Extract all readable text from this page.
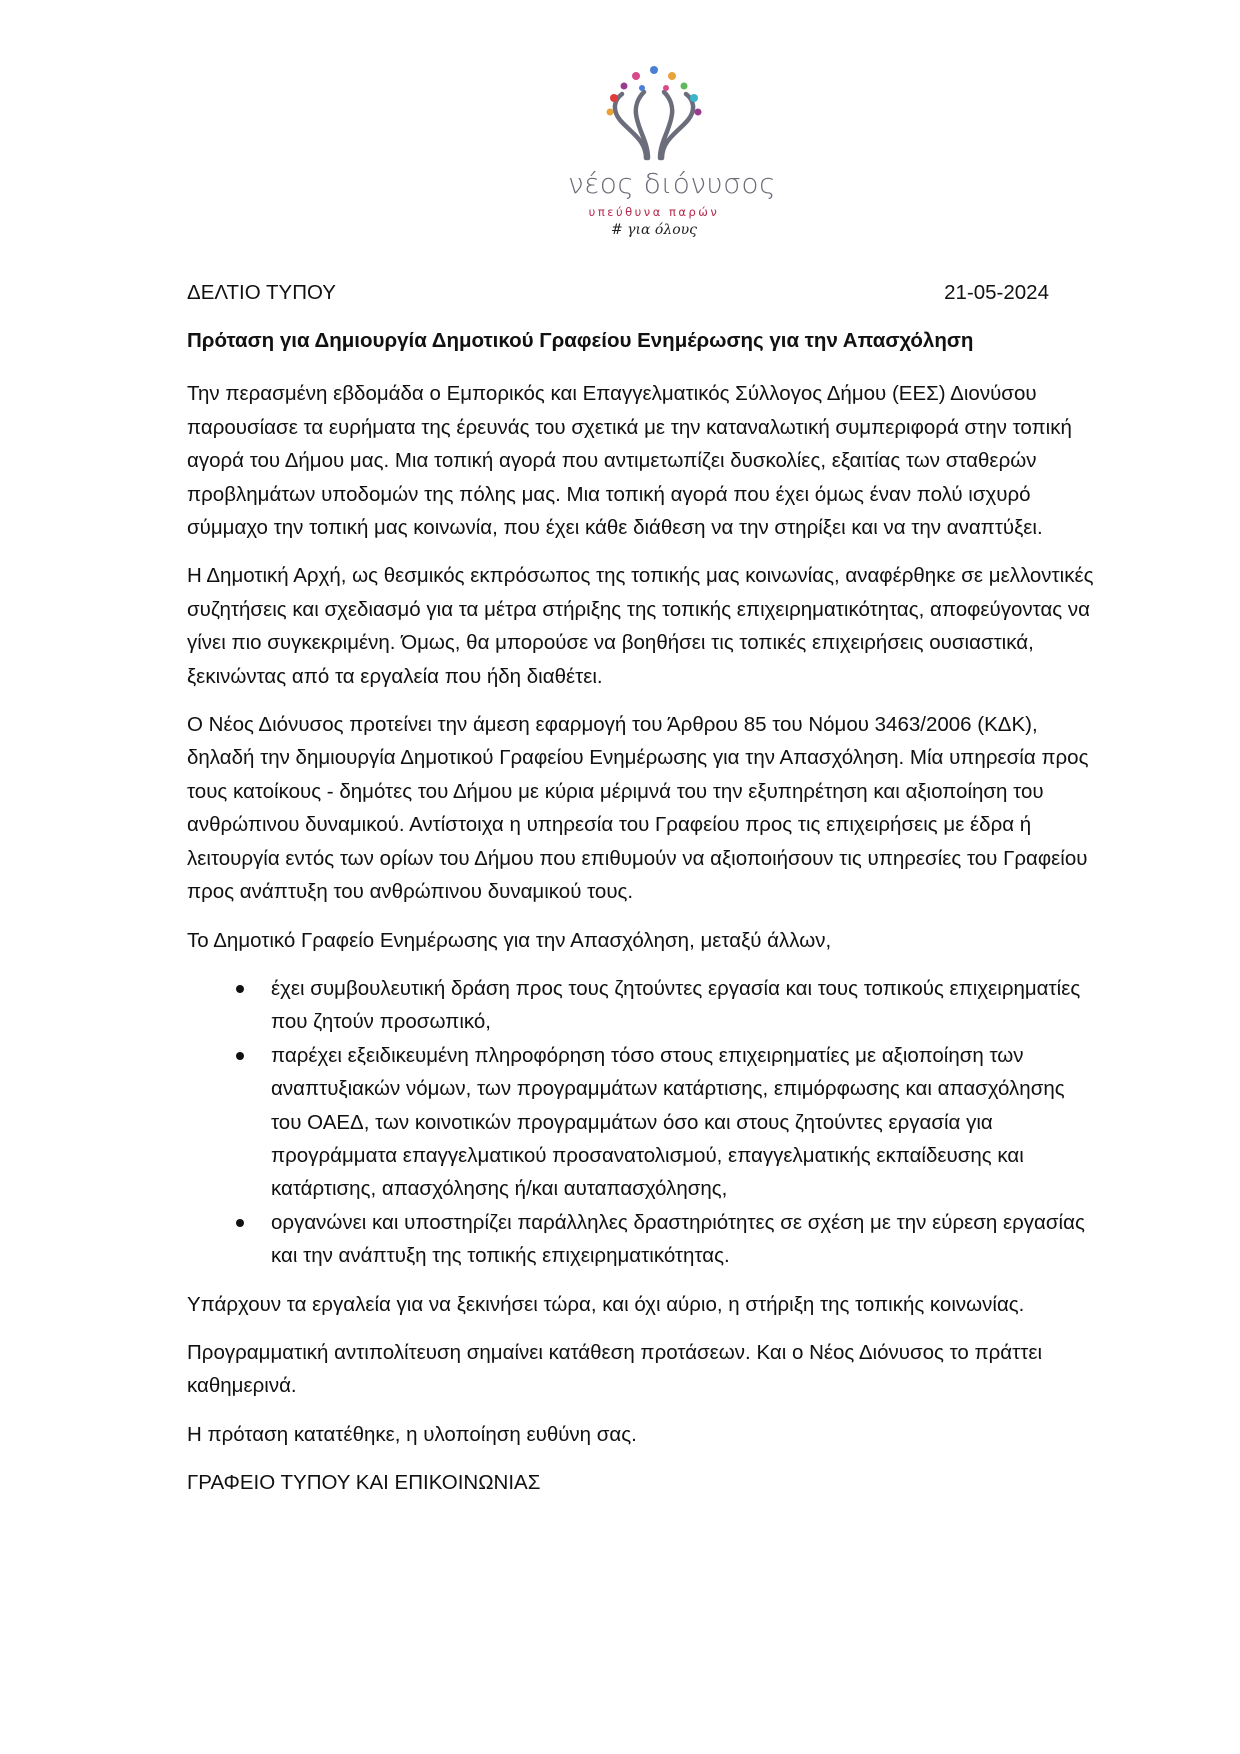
νέος διόνυσος
υπεύθυνα παρών
# για όλους
ΔΕΛΤΙΟ ΤΥΠΟΥ	21-05-2024
Πρόταση για Δημιουργία Δημοτικού Γραφείου Ενημέρωσης για την Απασχόληση

Την περασμένη εβδομάδα ο Εμπορικός και Επαγγελματικός Σύλλογος Δήμου (ΕΕΣ) Διονύσου παρουσίασε τα ευρήματα της έρευνάς του σχετικά με την καταναλωτική συμπεριφορά στην τοπική αγορά του Δήμου μας. Μια τοπική αγορά που αντιμετωπίζει δυσκολίες, εξαιτίας των σταθερών προβλημάτων υποδομών της πόλης μας. Μια τοπική αγορά που έχει όμως έναν πολύ ισχυρό σύμμαχο την τοπική μας κοινωνία, που έχει κάθε διάθεση να την στηρίξει και να την αναπτύξει.

Η Δημοτική Αρχή, ως θεσμικός εκπρόσωπος της τοπικής μας κοινωνίας, αναφέρθηκε σε μελλοντικές συζητήσεις και σχεδιασμό για τα μέτρα στήριξης της τοπικής επιχειρηματικότητας, αποφεύγοντας να γίνει πιο συγκεκριμένη. Όμως, θα μπορούσε να βοηθήσει τις τοπικές επιχειρήσεις ουσιαστικά, ξεκινώντας από τα εργαλεία που ήδη διαθέτει.

Ο Νέος Διόνυσος προτείνει την άμεση εφαρμογή του Άρθρου 85 του Νόμου 3463/2006 (ΚΔΚ), δηλαδή την δημιουργία Δημοτικού Γραφείου Ενημέρωσης για την Απασχόληση. Μία υπηρεσία προς τους κατοίκους - δημότες του Δήμου με κύρια μέριμνά του την εξυπηρέτηση και αξιοποίηση του ανθρώπινου δυναμικού. Αντίστοιχα η υπηρεσία του Γραφείου προς τις επιχειρήσεις με έδρα ή λειτουργία εντός των ορίων του Δήμου που επιθυμούν να αξιοποιήσουν τις υπηρεσίες του Γραφείου προς ανάπτυξη του ανθρώπινου δυναμικού τους.

Το Δημοτικό Γραφείο Ενημέρωσης για την Απασχόληση, μεταξύ άλλων,

έχει συμβουλευτική δράση προς τους ζητούντες εργασία και τους τοπικούς επιχειρηματίες που ζητούν προσωπικό,
παρέχει εξειδικευμένη πληροφόρηση τόσο στους επιχειρηματίες με αξιοποίηση των αναπτυξιακών νόμων, των προγραμμάτων κατάρτισης, επιμόρφωσης και απασχόλησης του ΟΑΕΔ, των κοινοτικών προγραμμάτων όσο και στους ζητούντες εργασία για προγράμματα επαγγελματικού προσανατολισμού, επαγγελματικής εκπαίδευσης και κατάρτισης, απασχόλησης ή/και αυταπασχόλησης,
οργανώνει και υποστηρίζει παράλληλες δραστηριότητες σε σχέση με την εύρεση εργασίας και την ανάπτυξη της τοπικής επιχειρηματικότητας.

Υπάρχουν τα εργαλεία για να ξεκινήσει τώρα, και όχι αύριο, η στήριξη της τοπικής κοινωνίας.

Προγραμματική αντιπολίτευση σημαίνει κατάθεση προτάσεων. Και ο Νέος Διόνυσος το πράττει καθημερινά.

Η πρόταση κατατέθηκε, η υλοποίηση ευθύνη σας.

ΓΡΑΦΕΙΟ ΤΥΠΟΥ ΚΑΙ ΕΠΙΚΟΙΝΩΝΙΑΣ
